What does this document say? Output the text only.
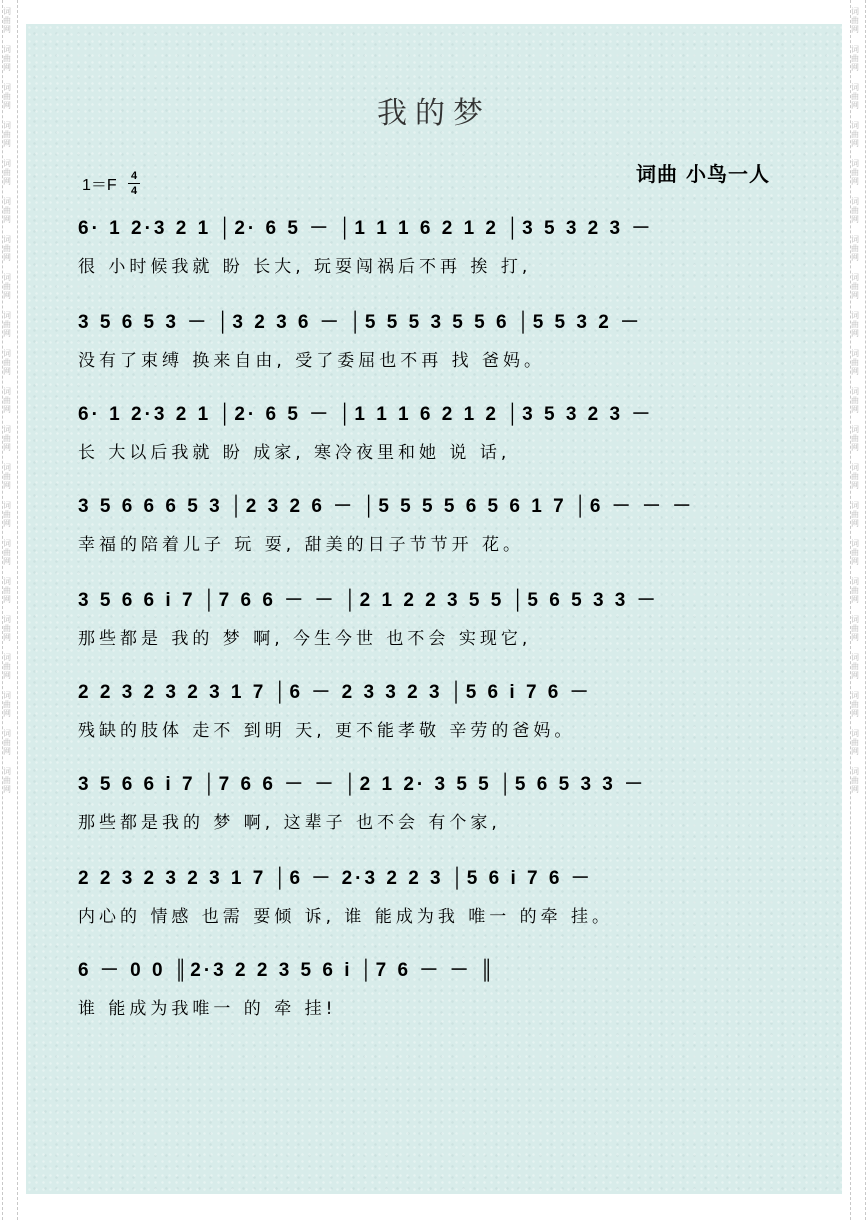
词曲网
词曲网
词曲网
词曲网
词曲网
词曲网
词曲网
词曲网
词曲网
词曲网
词曲网
词曲网
词曲网
词曲网
词曲网
词曲网
词曲网
词曲网
词曲网
词曲网
词曲网
词曲网
词曲网
词曲网
词曲网
词曲网
词曲网
词曲网
词曲网
词曲网
词曲网
词曲网
词曲网
词曲网
词曲网
词曲网
词曲网
词曲网
词曲网
词曲网
词曲网
词曲网
我的梦
1＝F
4
4
词曲 小鸟一人
6· 1 2·3 2 1 │2· 6 5 － │1 1 1 6 2 1 2 │3 5 3 2 3 －
很 小时候我就 盼 长大, 玩耍闯祸后不再 挨 打,
3 5 6 5 3 － │3 2 3 6 － │5 5 5 3 5 5 6 │5 5 3 2 －
没有了束缚 换来自由, 受了委屈也不再 找 爸妈。
6· 1 2·3 2 1 │2· 6 5 － │1 1 1 6 2 1 2 │3 5 3 2 3 －
长 大以后我就 盼 成家, 寒冷夜里和她 说 话,
3 5 6 6 6 5 3 │2 3 2 6 － │5 5 5 5 6 5 6 1 7 │6 － － －
幸福的陪着儿子 玩 耍, 甜美的日子节节开 花。
3 5 6 6 i 7 │7 6 6 － － │2 1 2 2 3 5 5 │5 6 5 3 3 －
那些都是 我的 梦 啊, 今生今世 也不会 实现它,
2 2 3 2 3 2 3 1 7 │6 － 2 3 3 2 3 │5 6 i 7 6 －
残缺的肢体 走不 到明 天, 更不能孝敬 辛劳的爸妈。
3 5 6 6 i 7 │7 6 6 － － │2 1 2· 3 5 5 │5 6 5 3 3 －
那些都是我的 梦 啊, 这辈子 也不会 有个家,
2 2 3 2 3 2 3 1 7 │6 － 2·3 2 2 3 │5 6 i 7 6 －
内心的 情感 也需 要倾 诉, 谁 能成为我 唯一 的牵 挂。
6 － 0 0 ║2·3 2 2 3 5 6 i │7 6 － － ║
谁 能成为我唯一 的 牵 挂!
